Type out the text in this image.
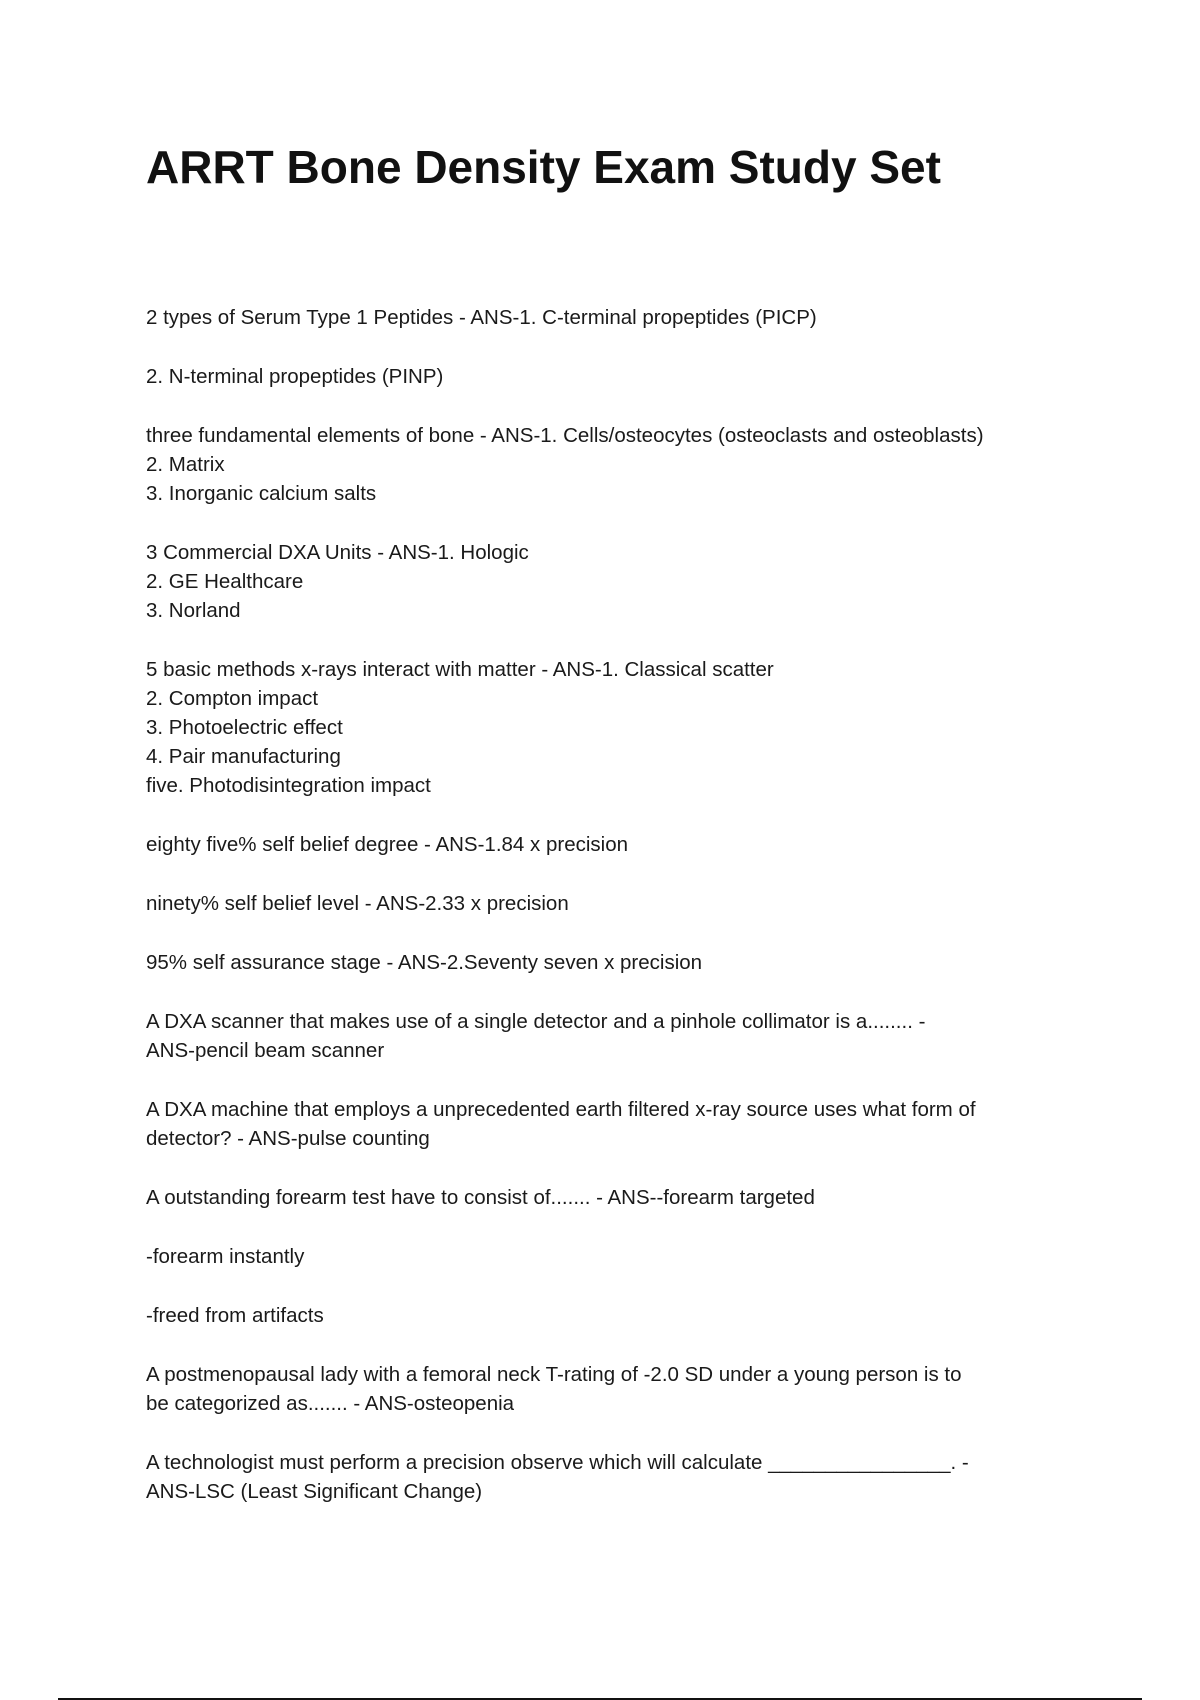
ARRT Bone Density Exam Study Set

2 types of Serum Type 1 Peptides - ANS-1. C-terminal propeptides (PICP)

2. N-terminal propeptides (PINP)

three fundamental elements of bone - ANS-1. Cells/osteocytes (osteoclasts and osteoblasts)
2. Matrix
3. Inorganic calcium salts

3 Commercial DXA Units - ANS-1. Hologic
2. GE Healthcare
3. Norland

5 basic methods x-rays interact with matter - ANS-1. Classical scatter
2. Compton impact
3. Photoelectric effect
4. Pair manufacturing
five. Photodisintegration impact

eighty five% self belief degree - ANS-1.84 x precision

ninety% self belief level - ANS-2.33 x precision

95% self assurance stage - ANS-2.Seventy seven x precision

A DXA scanner that makes use of a single detector and a pinhole collimator is a........ -
ANS-pencil beam scanner

A DXA machine that employs a unprecedented earth filtered x-ray source uses what form of
detector? - ANS-pulse counting

A outstanding forearm test have to consist of....... - ANS--forearm targeted

-forearm instantly

-freed from artifacts

A postmenopausal lady with a femoral neck T-rating of -2.0 SD under a young person is to
be categorized as....... - ANS-osteopenia

A technologist must perform a precision observe which will calculate ________________. -
ANS-LSC (Least Significant Change)
